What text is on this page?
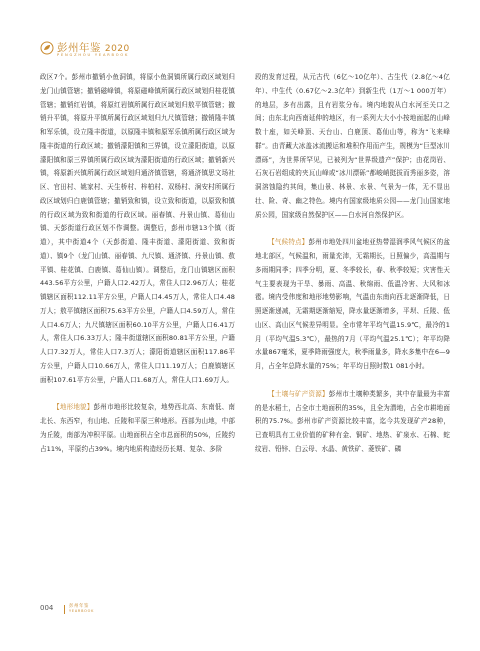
彭州年鉴 2020
PENGZHOU YEARBOOK

政区7个。彭州市撤销小鱼洞镇，将原小鱼洞镇所属行政区域划归龙门山镇管辖；撤销磁峰镇，将原磁峰镇所属行政区域划归桂花镇管辖；撤销红岩镇，将原红岩镇所属行政区域划归敖平镇管辖；撤销升平镇，将原升平镇所属行政区域划归九尺镇管辖；撤销隆丰镇和军乐镇，设立隆丰街道，以原隆丰镇和原军乐镇所属行政区域为隆丰街道的行政区域；撤销濛阳镇和三界镇，设立濛阳街道，以原濛阳镇和原三界镇所属行政区域为濛阳街道的行政区域；撤销新兴镇，将原新兴镇所属行政区域划归通济镇管辖，将通济镇思文场社区、官田村、姚家村、天生桥村、梓柏村、双杨村、涧安村所属行政区域划归白鹿镇管辖；撤销致和镇，设立致和街道，以原致和镇的行政区域为致和街道的行政区域。丽春镇、丹景山镇、葛仙山镇、天彭街道行政区划不作调整。调整后，彭州市辖13个镇（街道），其中街道4个（天彭街道、隆丰街道、濛阳街道、致和街道）、镇9个（龙门山镇、丽春镇、九尺镇、通济镇、丹景山镇、敖平镇、桂花镇、白鹿镇、葛仙山镇）。调整后，龙门山镇辖区面积443.56平方公里，户籍人口2.42万人，常住人口2.96万人；桂花镇辖区面积112.11平方公里，户籍人口4.45万人，常住人口4.48万人；敖平镇辖区面积75.63平方公里，户籍人口4.59万人，常住人口4.6万人；九尺镇辖区面积60.10平方公里，户籍人口6.41万人，常住人口6.33万人；隆丰街道辖区面积80.81平方公里，户籍人口7.32万人，常住人口7.3万人；濛阳街道辖区面积117.86平方公里，户籍人口10.66万人，常住人口11.19万人；白鹿镇辖区面积107.61平方公里，户籍人口1.68万人，常住人口1.69万人。

【地形地貌】彭州市地形比较复杂，地势西北高、东南低、南北长、东西窄，有山地、丘陵和平原三种地形。西部为山地，中部为丘陵，南部为冲积平原。山地面积占全市总面积的50%，丘陵约占11%，平原约占39%。境内地质构造经历长期、复杂、多阶

段的发育过程，从元古代（6亿～10亿年）、古生代（2.8亿～4亿年）、中生代（0.67亿～2.3亿年）到新生代（1万～1 000万年）的地层，多有出露，且有岩浆分布。境内地貌从白水河至关口之间；由东北向西南延伸的地区，有一系列大大小小按地面起的山峰数十座，如关峰顶、天台山、白鹿顶、葛仙山等，称为“飞来峰群”。由青藏大冰盖冰流搬运和堆积作用而产生，规模为“巨型冰川漂砾”，为世界所罕见，已被列为“世界级遗产”保护；由花岗岩、石灰石岩组成的夹瓦山峰或“冰川漂砾”都峻峭挺拔而秀丽多姿，溶洞溶蚀隐约其间，集山景、林景、水景、气景为一体，无不显出壮、险、奇、幽之特色。境内有国家级地质公园——龙门山国家地质公园，国家级自然保护区——白水河自然保护区。

【气候特点】彭州市地处四川盆地亚热带湿润季风气候区的盆地北部区，气候温和，雨量充沛，无霜期长，日照偏少，高温期与多雨期同季；四季分明，夏、冬季较长，春、秋季较短；灾害性天气主要表现为干旱、暴雨、高温、秋绵雨、低温冷害、大风和冰雹。境内受伟度和地形地势影响，气温由东南向西北逐渐降低，日照逐渐递减，无霜期逐渐缩短，降水量逐渐增多，平坝、丘陵、低山区、高山区气候差异明显。全市常年平均气温15.9℃，最冷的1月（平均气温5.3℃），最热的7月（平均气温25.1℃）；年平均降水量867毫米，夏季降雨强度大，秋季雨量多，降水多集中在6—9月，占全年总降水量的75%；年平均日照时数1 081小时。

【土壤与矿产资源】彭州市土壤种类繁多，其中存量最为丰富的是水稻土，占全市土地面积的35%，且全为潜地，占全市耕地面积的75.7%。彭州市矿产资源比较丰富，迄今共发现矿产28种，已查明具有工业价值的矿种有金、铜矿、地热、矿泉水、石棉、蛇纹岩、铅锌、白云母、水晶、黄铁矿、菱铁矿、磷

004	彭州年鉴
YEARBOOK
